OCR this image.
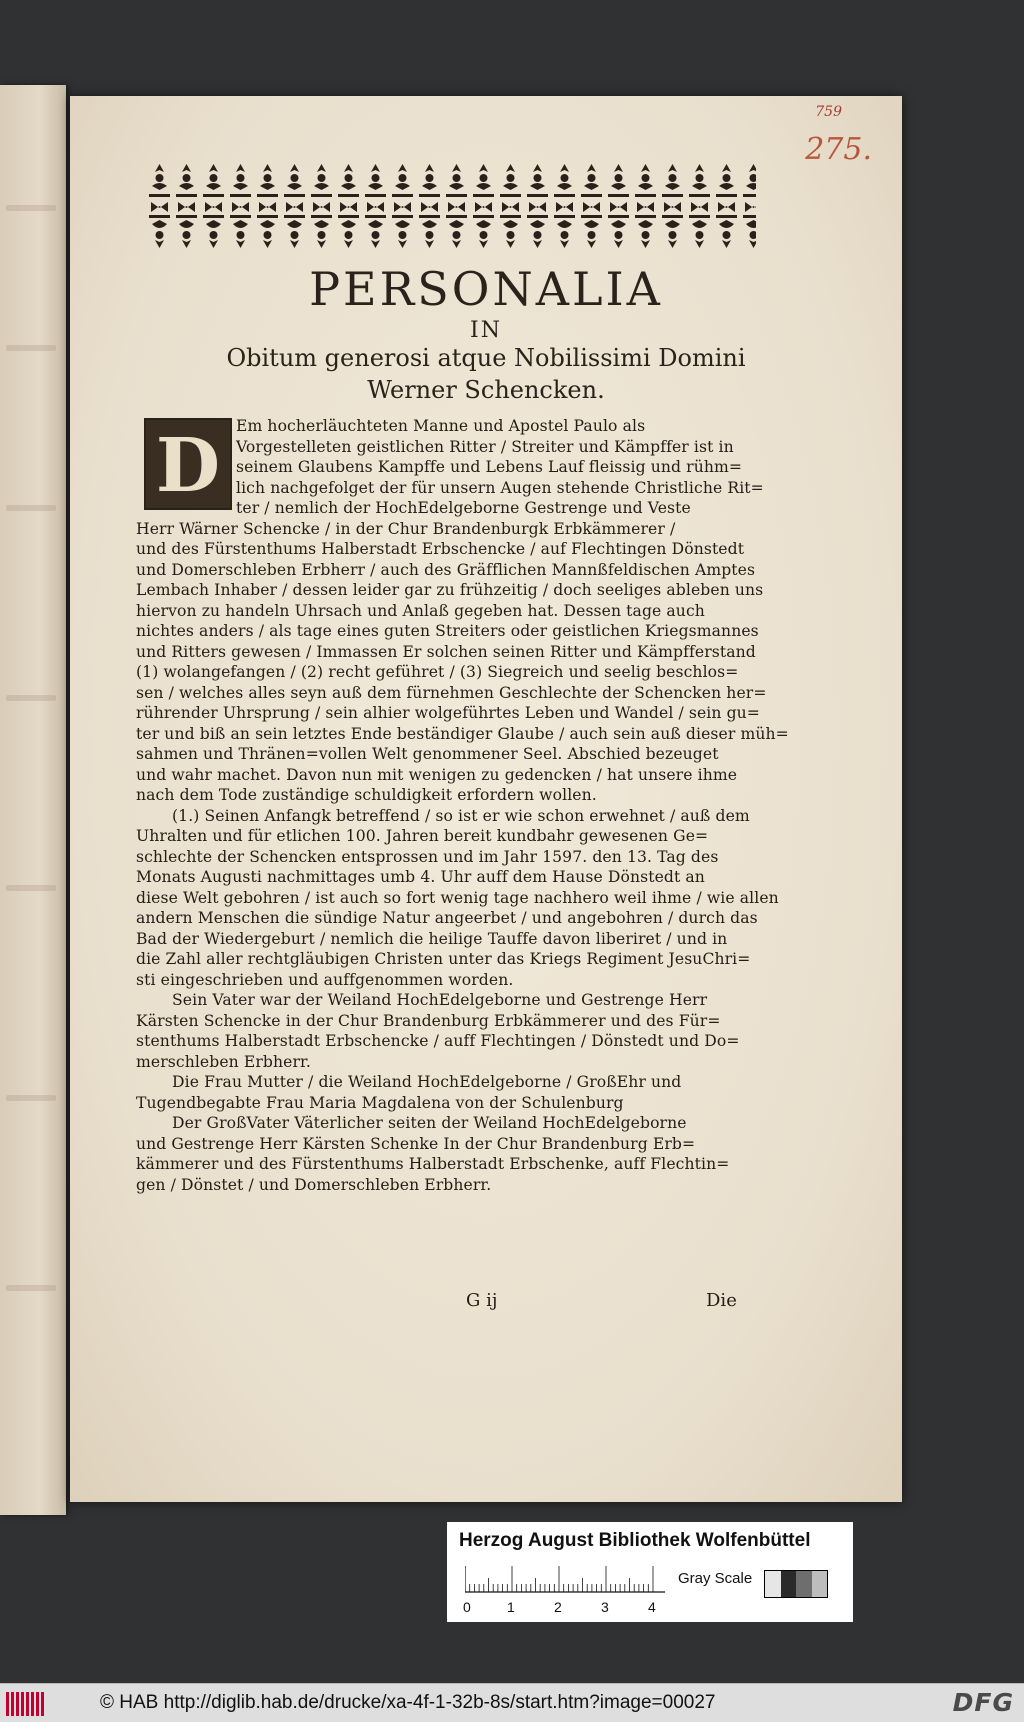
759
275.
PERSONALIA
IN
Obitum generosi atque Nobilissimi Domini
Werner Schencken.
D	Em hocherläuchteten Manne und Apostel Paulo als
Vorgestelleten geistlichen Ritter / Streiter und Kämpffer ist in
seinem Glaubens Kampffe und Lebens Lauf fleissig und rühm=
lich nachgefolget der für unsern Augen stehende Christliche Rit=
ter / nemlich der HochEdelgeborne Gestrenge und Veste
Herr Wärner Schencke / in der Chur Brandenburgk Erbkämmerer /
und des Fürstenthums Halberstadt Erbschencke / auf Flechtingen Dönstedt
und Domerschleben Erbherr / auch des Gräfflichen Mannßfeldischen Amptes
Lembach Inhaber / dessen leider gar zu frühzeitig / doch seeliges ableben uns
hiervon zu handeln Uhrsach und Anlaß gegeben hat. Dessen tage auch
nichtes anders / als tage eines guten Streiters oder geistlichen Kriegsmannes
und Ritters gewesen / Immassen Er solchen seinen Ritter und Kämpfferstand
(1) wolangefangen / (2) recht geführet / (3) Siegreich und seelig beschlos=
sen / welches alles seyn auß dem fürnehmen Geschlechte der Schencken her=
rührender Uhrsprung / sein alhier wolgeführtes Leben und Wandel / sein gu=
ter und biß an sein letztes Ende beständiger Glaube / auch sein auß dieser müh=
sahmen und Thränen=vollen Welt genommener Seel. Abschied bezeuget
und wahr machet. Davon nun mit wenigen zu gedencken / hat unsere ihme
nach dem Tode zuständige schuldigkeit erfordern wollen.
(1.) Seinen Anfangk betreffend / so ist er wie schon erwehnet / auß dem
Uhralten und für etlichen 100. Jahren bereit kundbahr gewesenen Ge=
schlechte der Schencken entsprossen und im Jahr 1597. den 13. Tag des
Monats Augusti nachmittages umb 4. Uhr auff dem Hause Dönstedt an
diese Welt gebohren / ist auch so fort wenig tage nachhero weil ihme / wie allen
andern Menschen die sündige Natur angeerbet / und angebohren / durch das
Bad der Wiedergeburt / nemlich die heilige Tauffe davon liberiret / und in
die Zahl aller rechtgläubigen Christen unter das Kriegs Regiment JesuChri=
sti eingeschrieben und auffgenommen worden.
Sein Vater war der Weiland HochEdelgeborne und Gestrenge Herr
Kärsten Schencke in der Chur Brandenburg Erbkämmerer und des Für=
stenthums Halberstadt Erbschencke / auff Flechtingen / Dönstedt und Do=
merschleben Erbherr.
Die Frau Mutter / die Weiland HochEdelgeborne / GroßEhr und
Tugendbegabte Frau Maria Magdalena von der Schulenburg
Der GroßVater Väterlicher seiten der Weiland HochEdelgeborne
und Gestrenge Herr Kärsten Schenke In der Chur Brandenburg Erb=
kämmerer und des Fürstenthums Halberstadt Erbschenke, auff Flechtin=
gen / Dönstet / und Domerschleben Erbherr.
G ij	Die
Herzog August Bibliothek Wolfenbüttel
0	1	2	3	4
Gray Scale
© HAB http://diglib.hab.de/drucke/xa-4f-1-32b-8s/start.htm?image=00027	DFG
